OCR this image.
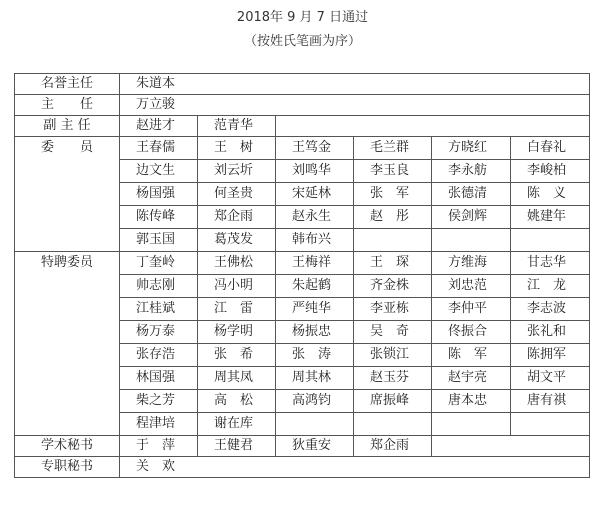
2018年 9 月 7 日通过
（按姓氏笔画为序）
名誉主任	朱道本					
主　　任	万立骏					
副 主 任	赵进才	范青华				
委　　员	王春儒	王　树	王笃金	毛兰群	方晓红	白春礼
	边文生	刘云圻	刘鸣华	李玉良	李永舫	李峻柏
	杨国强	何圣贵	宋延林	张　军	张德清	陈　义
	陈传峰	郑企雨	赵永生	赵　彤	侯剑辉	姚建年
	郭玉国	葛茂发	韩布兴			
特聘委员	丁奎岭	王佛松	王梅祥	王　琛	方维海	甘志华
	帅志刚	冯小明	朱起鹤	齐金株	刘忠范	江　龙
	江桂斌	江　雷	严纯华	李亚栋	李仲平	李志波
	杨万泰	杨学明	杨振忠	吴　奇	佟振合	张礼和
	张存浩	张　希	张　涛	张锁江	陈　军	陈拥军
	林国强	周其凤	周其林	赵玉芬	赵宇亮	胡文平
	柴之芳	高　松	高鸿钧	席振峰	唐本忠	唐有祺
	程津培	谢在库				
学术秘书	于　萍	王健君	狄重安	郑企雨		
专职秘书	关　欢					
